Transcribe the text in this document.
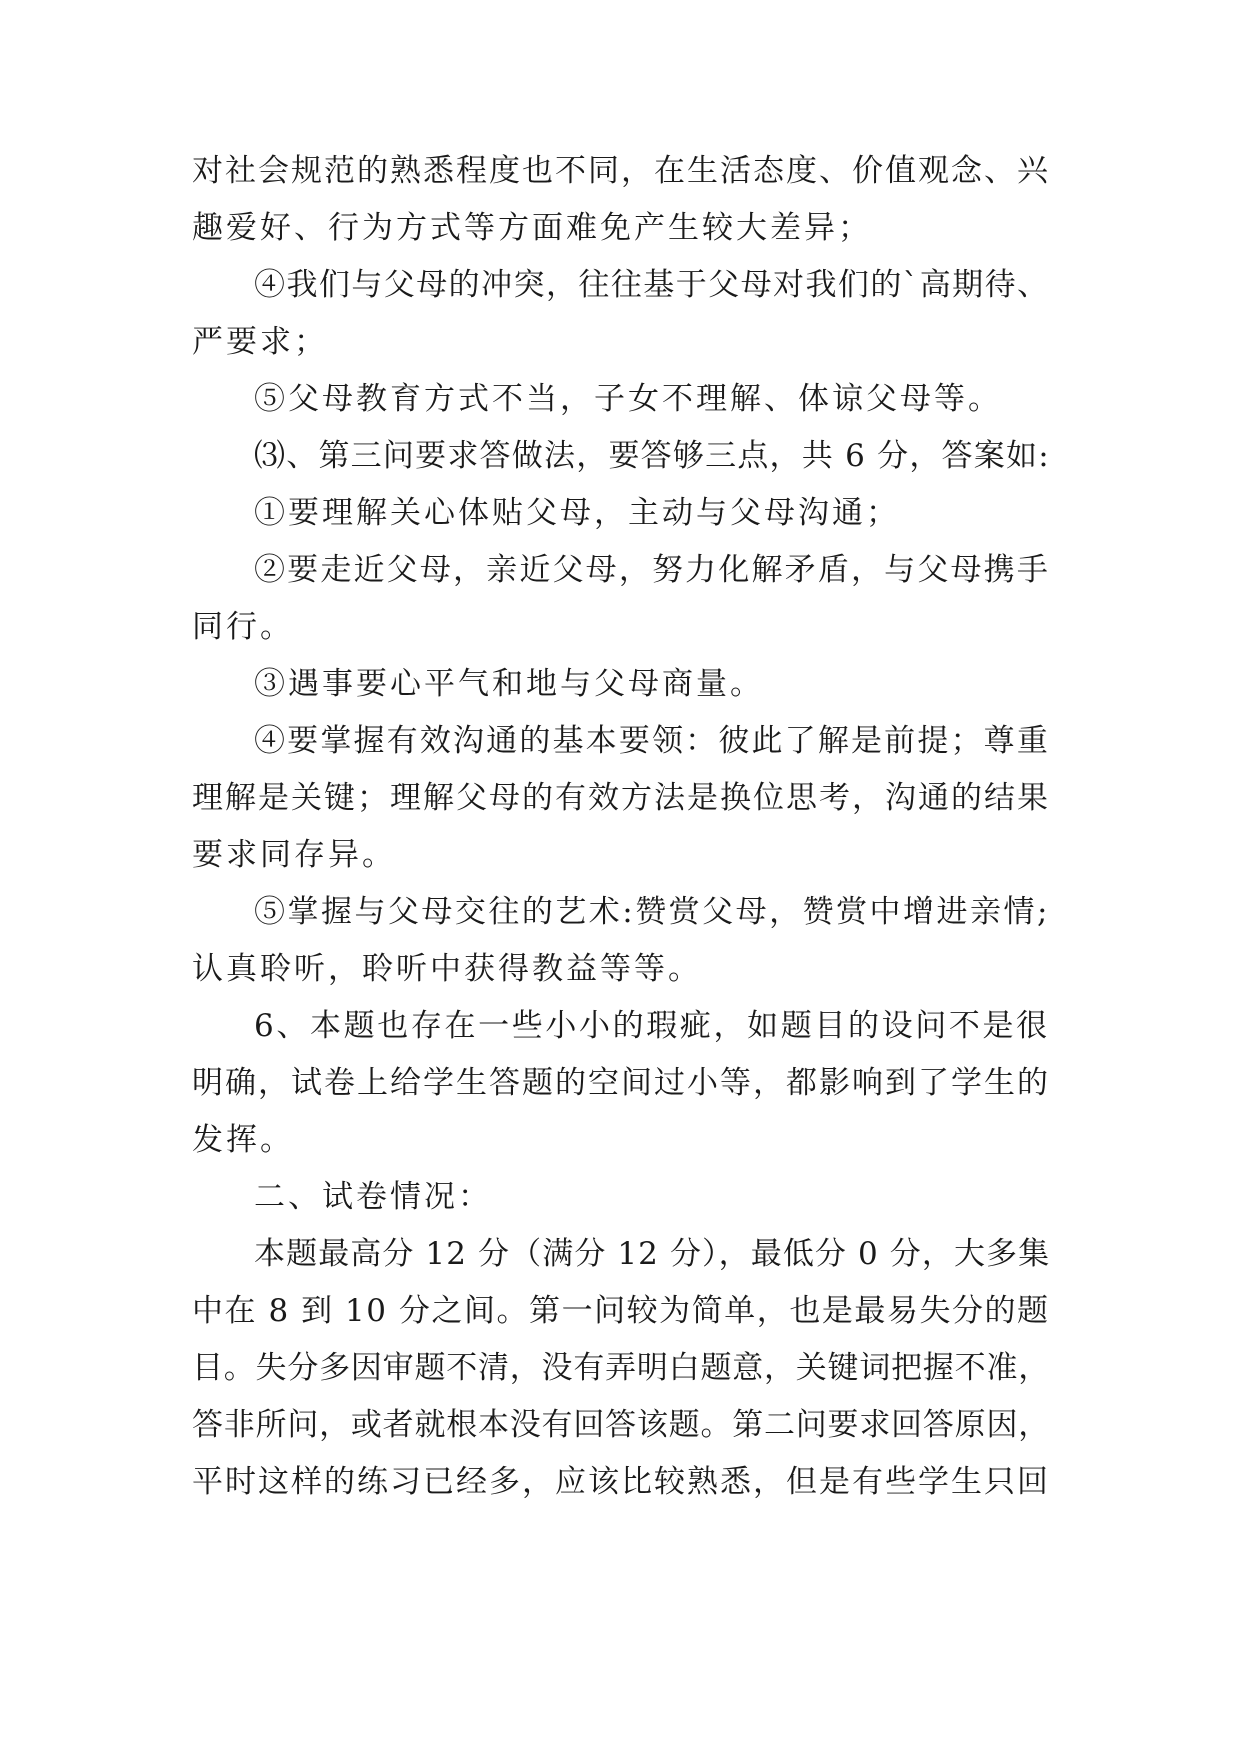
对社会规范的熟悉程度也不同，在生活态度、价值观念、兴
趣爱好、行为方式等方面难免产生较大差异；
④我们与父母的冲突，往往基于父母对我们的`高期待、
严要求；
⑤父母教育方式不当，子女不理解、体谅父母等。
⑶、第三问要求答做法，要答够三点，共 6 分，答案如:
①要理解关心体贴父母，主动与父母沟通；
②要走近父母，亲近父母，努力化解矛盾，与父母携手
同行。
③遇事要心平气和地与父母商量。
④要掌握有效沟通的基本要领：彼此了解是前提；尊重
理解是关键；理解父母的有效方法是换位思考，沟通的结果
要求同存异。
⑤掌握与父母交往的艺术:赞赏父母，赞赏中增进亲情;
认真聆听，聆听中获得教益等等。
6、本题也存在一些小小的瑕疵，如题目的设问不是很
明确，试卷上给学生答题的空间过小等，都影响到了学生的
发挥。
二、试卷情况：
本题最高分 12 分（满分 12 分），最低分 0 分，大多集
中在 8 到 10 分之间。第一问较为简单，也是最易失分的题
目。失分多因审题不清，没有弄明白题意，关键词把握不准，
答非所问，或者就根本没有回答该题。第二问要求回答原因，
平时这样的练习已经多，应该比较熟悉，但是有些学生只回
